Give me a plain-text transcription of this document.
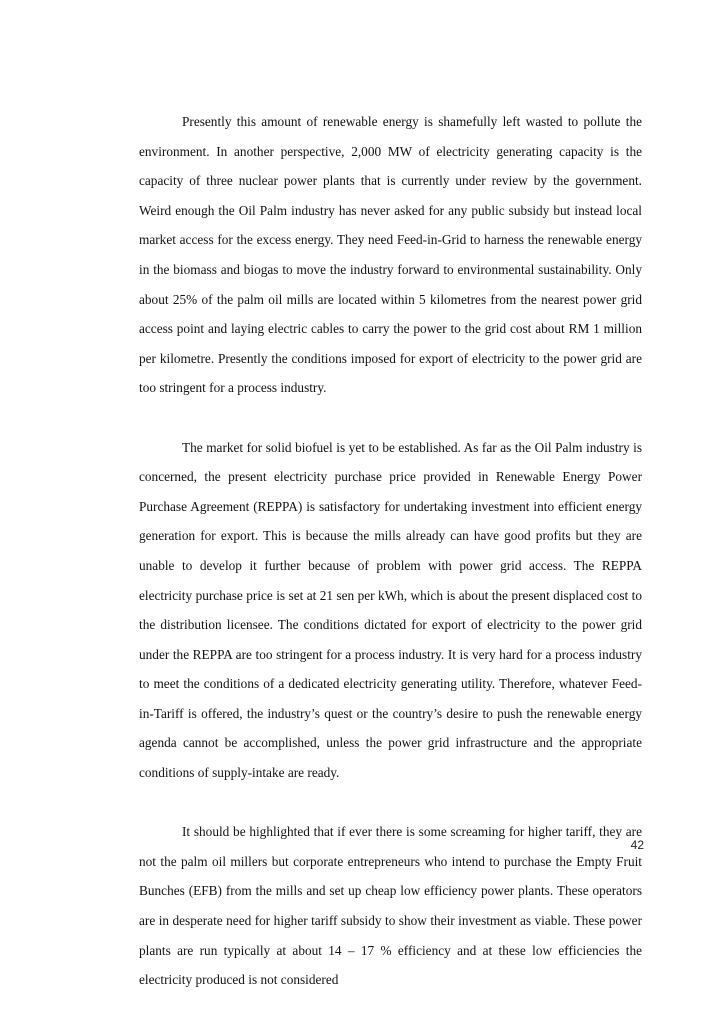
Presently this amount of renewable energy is shamefully left wasted to pollute the environment. In another perspective, 2,000 MW of electricity generating capacity is the capacity of three nuclear power plants that is currently under review by the government. Weird enough the Oil Palm industry has never asked for any public subsidy but instead local market access for the excess energy. They need Feed-in-Grid to harness the renewable energy in the biomass and biogas to move the industry forward to environmental sustainability. Only about 25% of the palm oil mills are located within 5 kilometres from the nearest power grid access point and laying electric cables to carry the power to the grid cost about RM 1 million per kilometre. Presently the conditions imposed for export of electricity to the power grid are too stringent for a process industry.

The market for solid biofuel is yet to be established. As far as the Oil Palm industry is concerned, the present electricity purchase price provided in Renewable Energy Power Purchase Agreement (REPPA) is satisfactory for undertaking investment into efficient energy generation for export. This is because the mills already can have good profits but they are unable to develop it further because of problem with power grid access. The REPPA electricity purchase price is set at 21 sen per kWh, which is about the present displaced cost to the distribution licensee. The conditions dictated for export of electricity to the power grid under the REPPA are too stringent for a process industry. It is very hard for a process industry to meet the conditions of a dedicated electricity generating utility. Therefore, whatever Feed-in-Tariff is offered, the industry’s quest or the country’s desire to push the renewable energy agenda cannot be accomplished, unless the power grid infrastructure and the appropriate conditions of supply-intake are ready.

It should be highlighted that if ever there is some screaming for higher tariff, they are not the palm oil millers but corporate entrepreneurs who intend to purchase the Empty Fruit Bunches (EFB) from the mills and set up cheap low efficiency power plants. These operators are in desperate need for higher tariff subsidy to show their investment as viable. These power plants are run typically at about 14 – 17 % efficiency and at these low efficiencies the electricity produced is not considered

42
